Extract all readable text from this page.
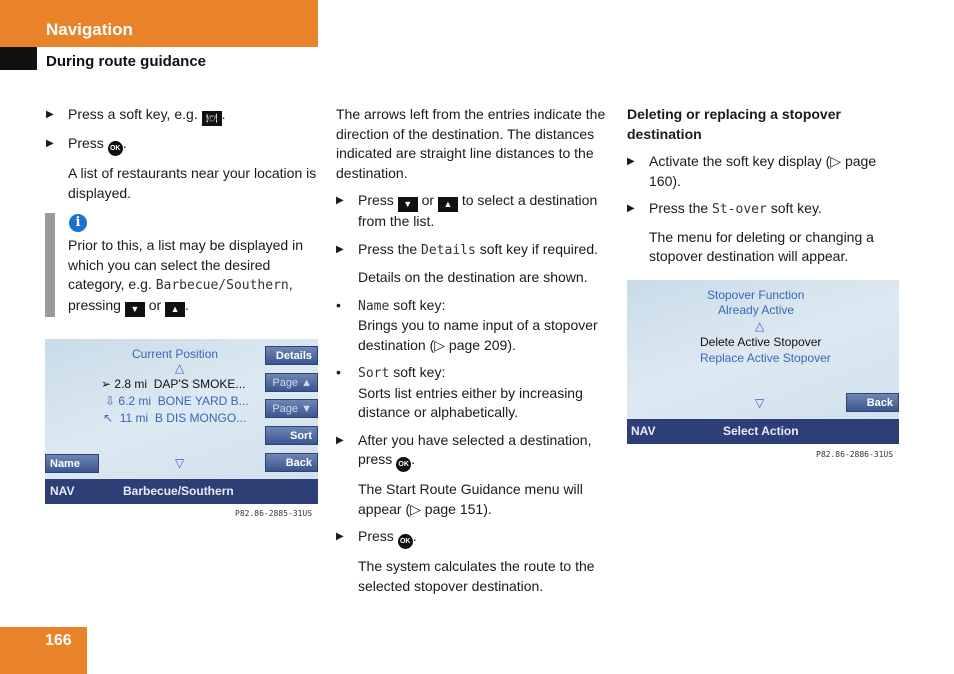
Navigation
During route guidance
▶ Press a soft key, e.g. 🍽 .
▶ Press OK .
A list of restaurants near your location is displayed.
i
Prior to this, a list may be displayed in which you can select the desired category, e.g. Barbecue/Southern, pressing ▼ or ▲ .
Current Position
△
➢ 2.8 mi DAP'S SMOKE...
⇩ 6.2 mi BONE YARD B...
↖ 11 mi B DIS MONGO...
▽
Details
Page ▲
Page ▼
Sort
Back
Name
NAV	Barbecue/Southern
P82.86-2885-31US

The arrows left from the entries indicate the direction of the destination. The distances indicated are straight line distances to the destination.

▶ Press ▼ or ▲ to select a destination from the list.
▶ Press the Details soft key if required.
Details on the destination are shown.
• Name soft key:
Brings you to name input of a stopover destination (▷ page 209).
• Sort soft key:
Sorts list entries either by increasing distance or alphabetically.
▶ After you have selected a destination, press OK .
The Start Route Guidance menu will appear (▷ page 151).
▶ Press OK .
The system calculates the route to the selected stopover destination.

Deleting or replacing a stopover destination

▶ Activate the soft key display (▷ page 160).
▶ Press the St-over soft key.
The menu for deleting or changing a stopover destination will appear.
Stopover Function
Already Active
△
Delete Active Stopover
Replace Active Stopover
▽	Back
NAV	Select Action
P82.86-2886-31US
166
